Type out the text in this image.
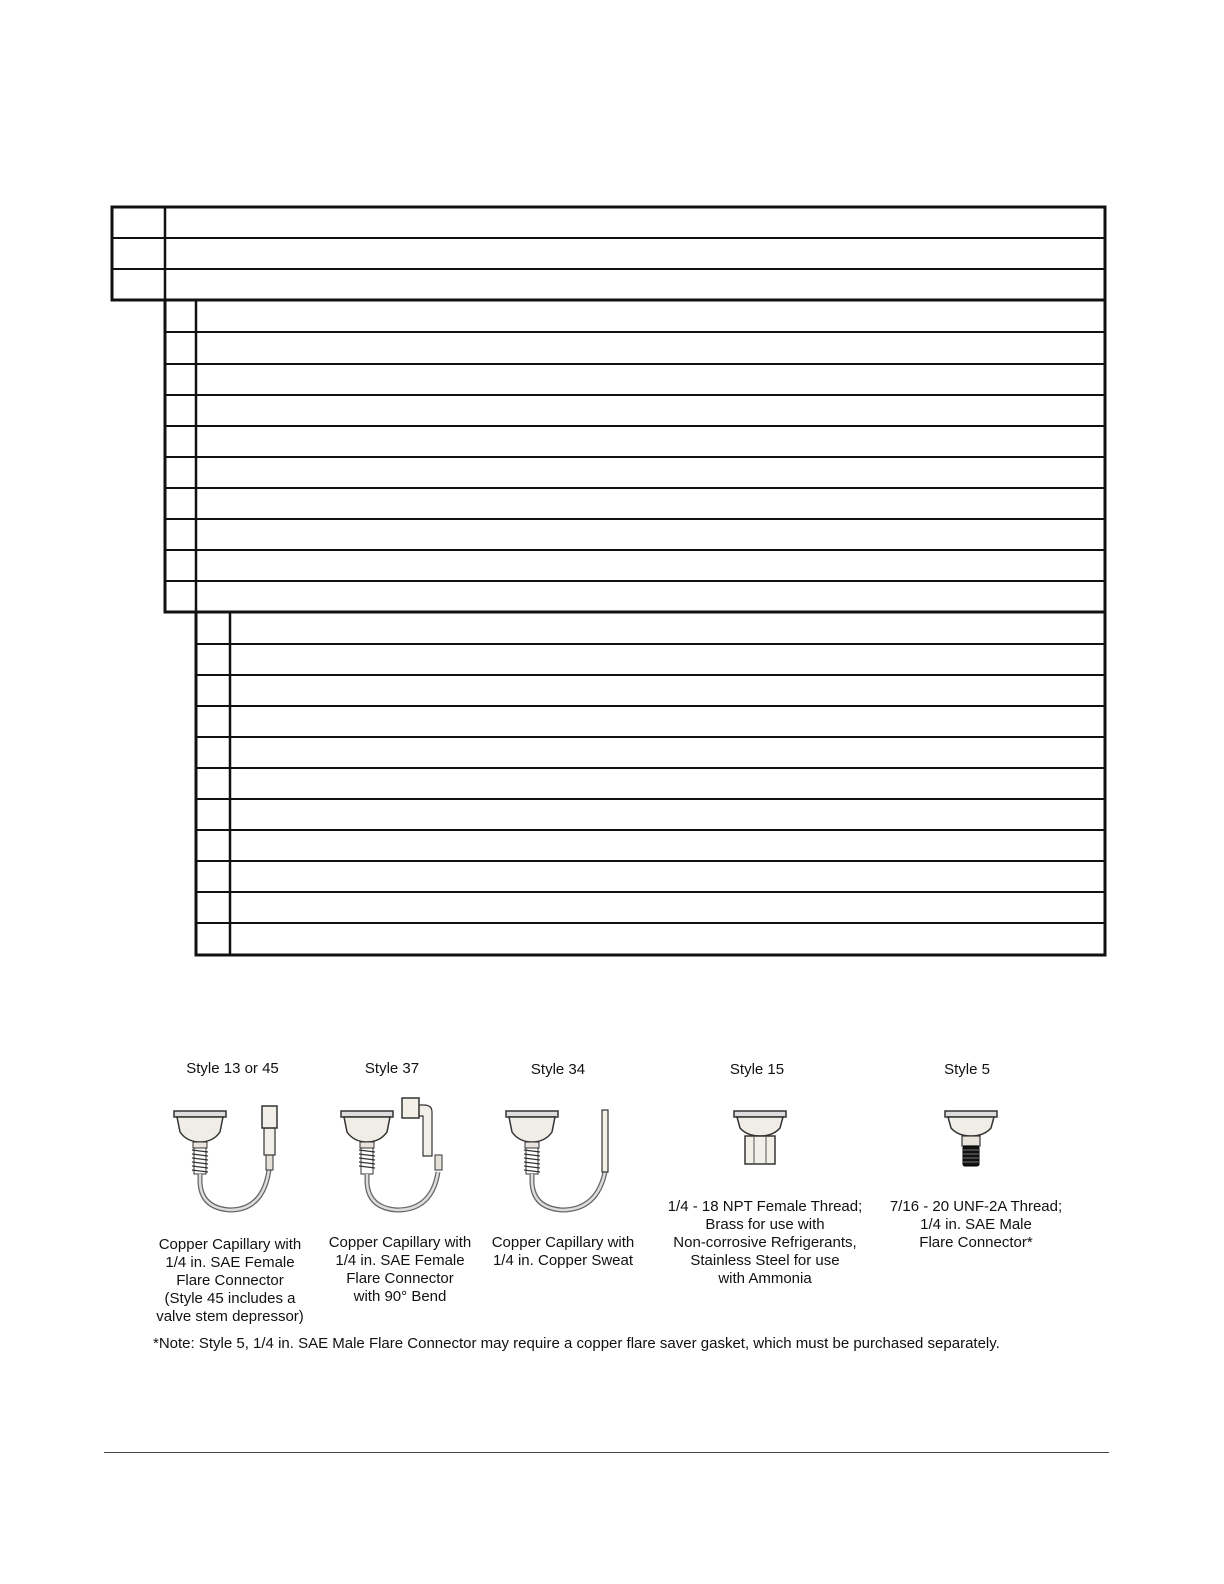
Style 13 or 45	Style 37	Style 34	Style 15	Style 5
Copper Capillary with
1/4 in. SAE Female
Flare Connector
(Style 45 includes a
valve stem depressor)
Copper Capillary with
1/4 in. SAE Female
Flare Connector
with 90° Bend
Copper Capillary with
1/4 in. Copper Sweat
1/4 - 18 NPT Female Thread;
Brass for use with
Non-corrosive Refrigerants,
Stainless Steel for use
with Ammonia
7/16 - 20 UNF-2A Thread;
1/4 in. SAE Male
Flare Connector*
*Note: Style 5, 1/4 in. SAE Male Flare Connector may require a copper flare saver gasket, which must be purchased separately.
